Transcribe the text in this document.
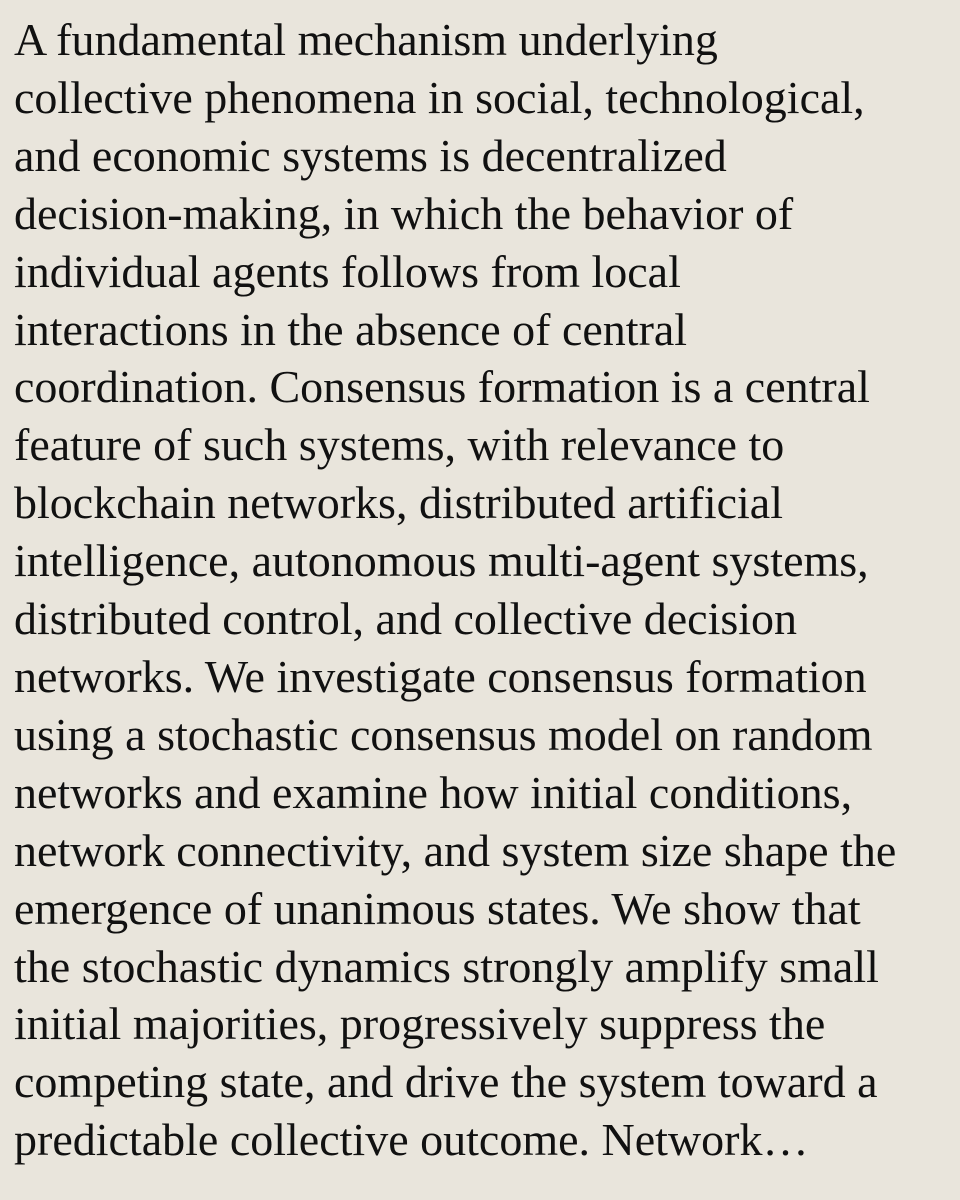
A fundamental mechanism underlying
collective phenomena in social, technological,
and economic systems is decentralized
decision-making, in which the behavior of
individual agents follows from local
interactions in the absence of central
coordination. Consensus formation is a central
feature of such systems, with relevance to
blockchain networks, distributed artificial
intelligence, autonomous multi-agent systems,
distributed control, and collective decision
networks. We investigate consensus formation
using a stochastic consensus model on random
networks and examine how initial conditions,
network connectivity, and system size shape the
emergence of unanimous states. We show that
the stochastic dynamics strongly amplify small
initial majorities, progressively suppress the
competing state, and drive the system toward a
predictable collective outcome. Network…
